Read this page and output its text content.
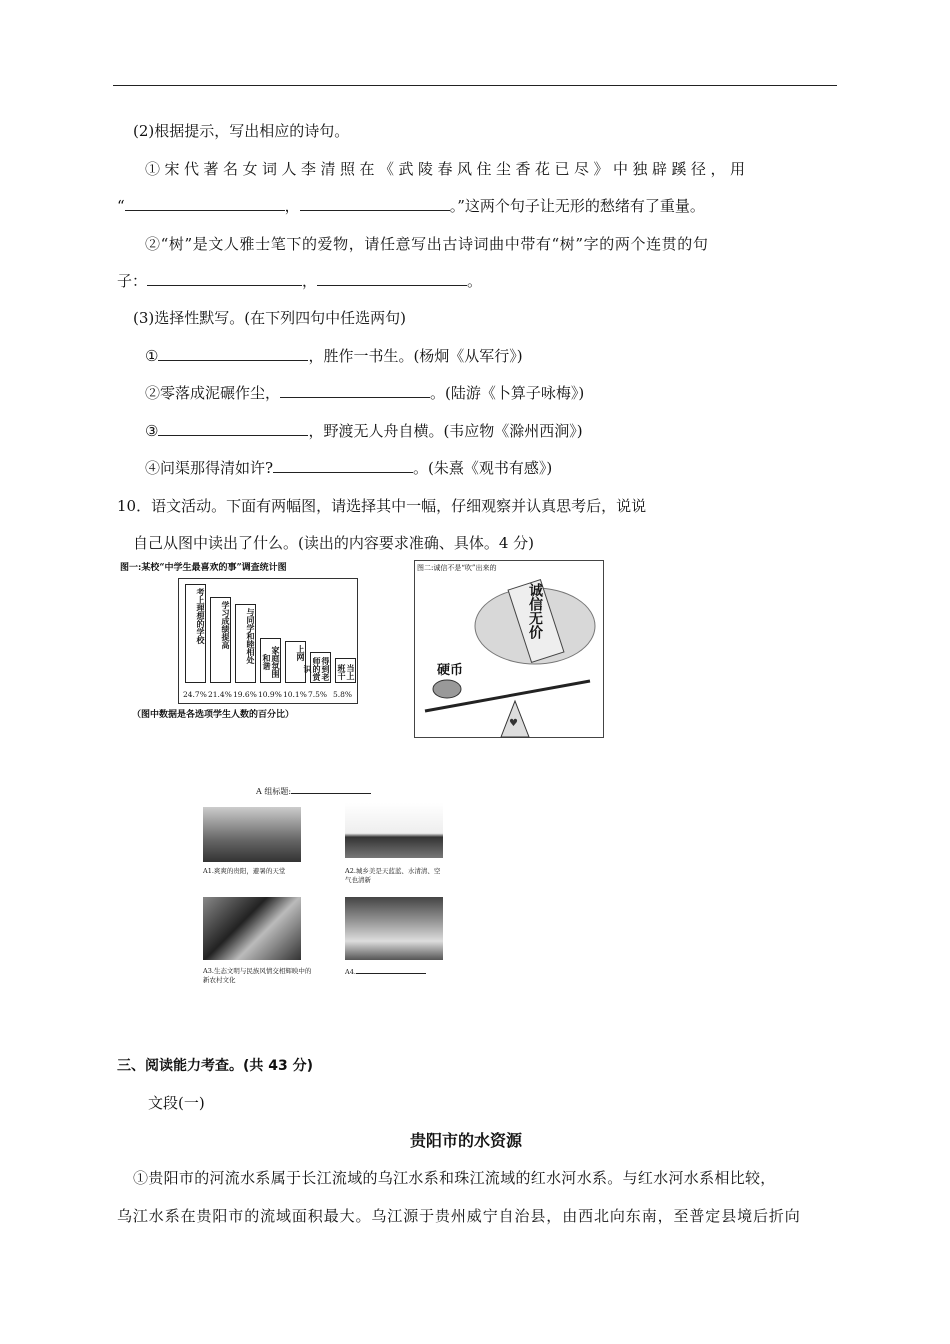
(2)根据提示，写出相应的诗句。
①宋代著名女词人李清照在《武陵春风住尘香花已尽》中独辟蹊径，用
“	，	。”这两个句子让无形的愁绪有了重量。
②“树”是文人雅士笔下的爱物，请任意写出古诗词曲中带有“树”字的两个连贯的句
子：	，	。
(3)选择性默写。(在下列四句中任选两句)
①	，胜作一书生。(杨炯《从军行》)
②零落成泥碾作尘，	。(陆游《卜算子咏梅》)
③	，野渡无人舟自横。(韦应物《滁州西涧》)
④问渠那得清如许?	。(朱熹《观书有感》)
10．语文活动。下面有两幅图，请选择其中一幅，仔细观察并认真思考后，说说
自己从图中读出了什么。(读出的内容要求准确、具体。4 分)
图一:某校“中学生最喜欢的事”调查统计图
考上理想的学校
24.7%
学习成绩提高
21.4%
与同学和睦相处
19.6%
家庭氛围和谐
10.9%
上网
10.1%
得到老师的赏识
7.5%
当上班干
5.8%
（图中数据是各选项学生人数的百分比）
图二:诚信不是“吹”出来的
♥
诚信无价
硬币
A 组标题:
A1.爽爽的贵阳，避暑的天堂	A2.城乡美是天蓝蓝、水清清、空气也清新
A3.生态文明与民族风情交相辉映中的新农村文化
A4.
三、阅读能力考查。(共 43 分)
文段(一)
贵阳市的水资源
①贵阳市的河流水系属于长江流域的乌江水系和珠江流域的红水河水系。与红水河水系相比较，
乌江水系在贵阳市的流域面积最大。乌江源于贵州威宁自治县，由西北向东南，至普定县境后折向
